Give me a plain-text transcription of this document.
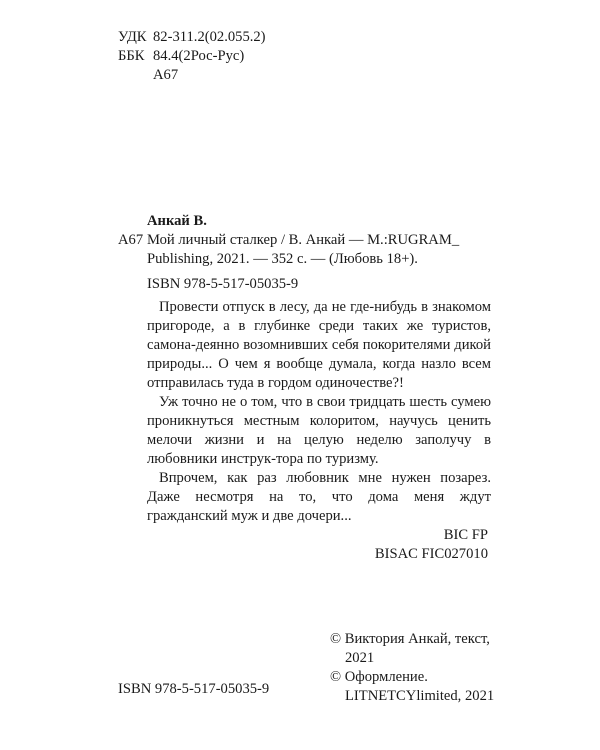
УДК 82-311.2(02.055.2)
ББК 84.4(2Рос-Рус)
А67
Анкай В.
А67 Мой личный сталкер / В. Анкай — М.:RUGRAM_
Publishing, 2021. — 352 с. — (Любовь 18+).
ISBN 978-5-517-05035-9

Провести отпуск в лесу, да не где-нибудь в знакомом пригороде, а в глубинке среди таких же туристов, самона-деянно возомнивших себя покорителями дикой природы... О чем я вообще думала, когда назло всем отправилась туда в гордом одиночестве?!

Уж точно не о том, что в свои тридцать шесть сумею проникнуться местным колоритом, научусь ценить мелочи жизни и на целую неделю заполучу в любовники инструк-тора по туризму.

Впрочем, как раз любовник мне нужен позарез. Даже несмотря на то, что дома меня ждут гражданский муж и две дочери...

BIC FP
BISAC FIC027010
© Виктория Анкай, текст,
2021
© Оформление.
LITNETCYlimited, 2021
ISBN 978-5-517-05035-9
